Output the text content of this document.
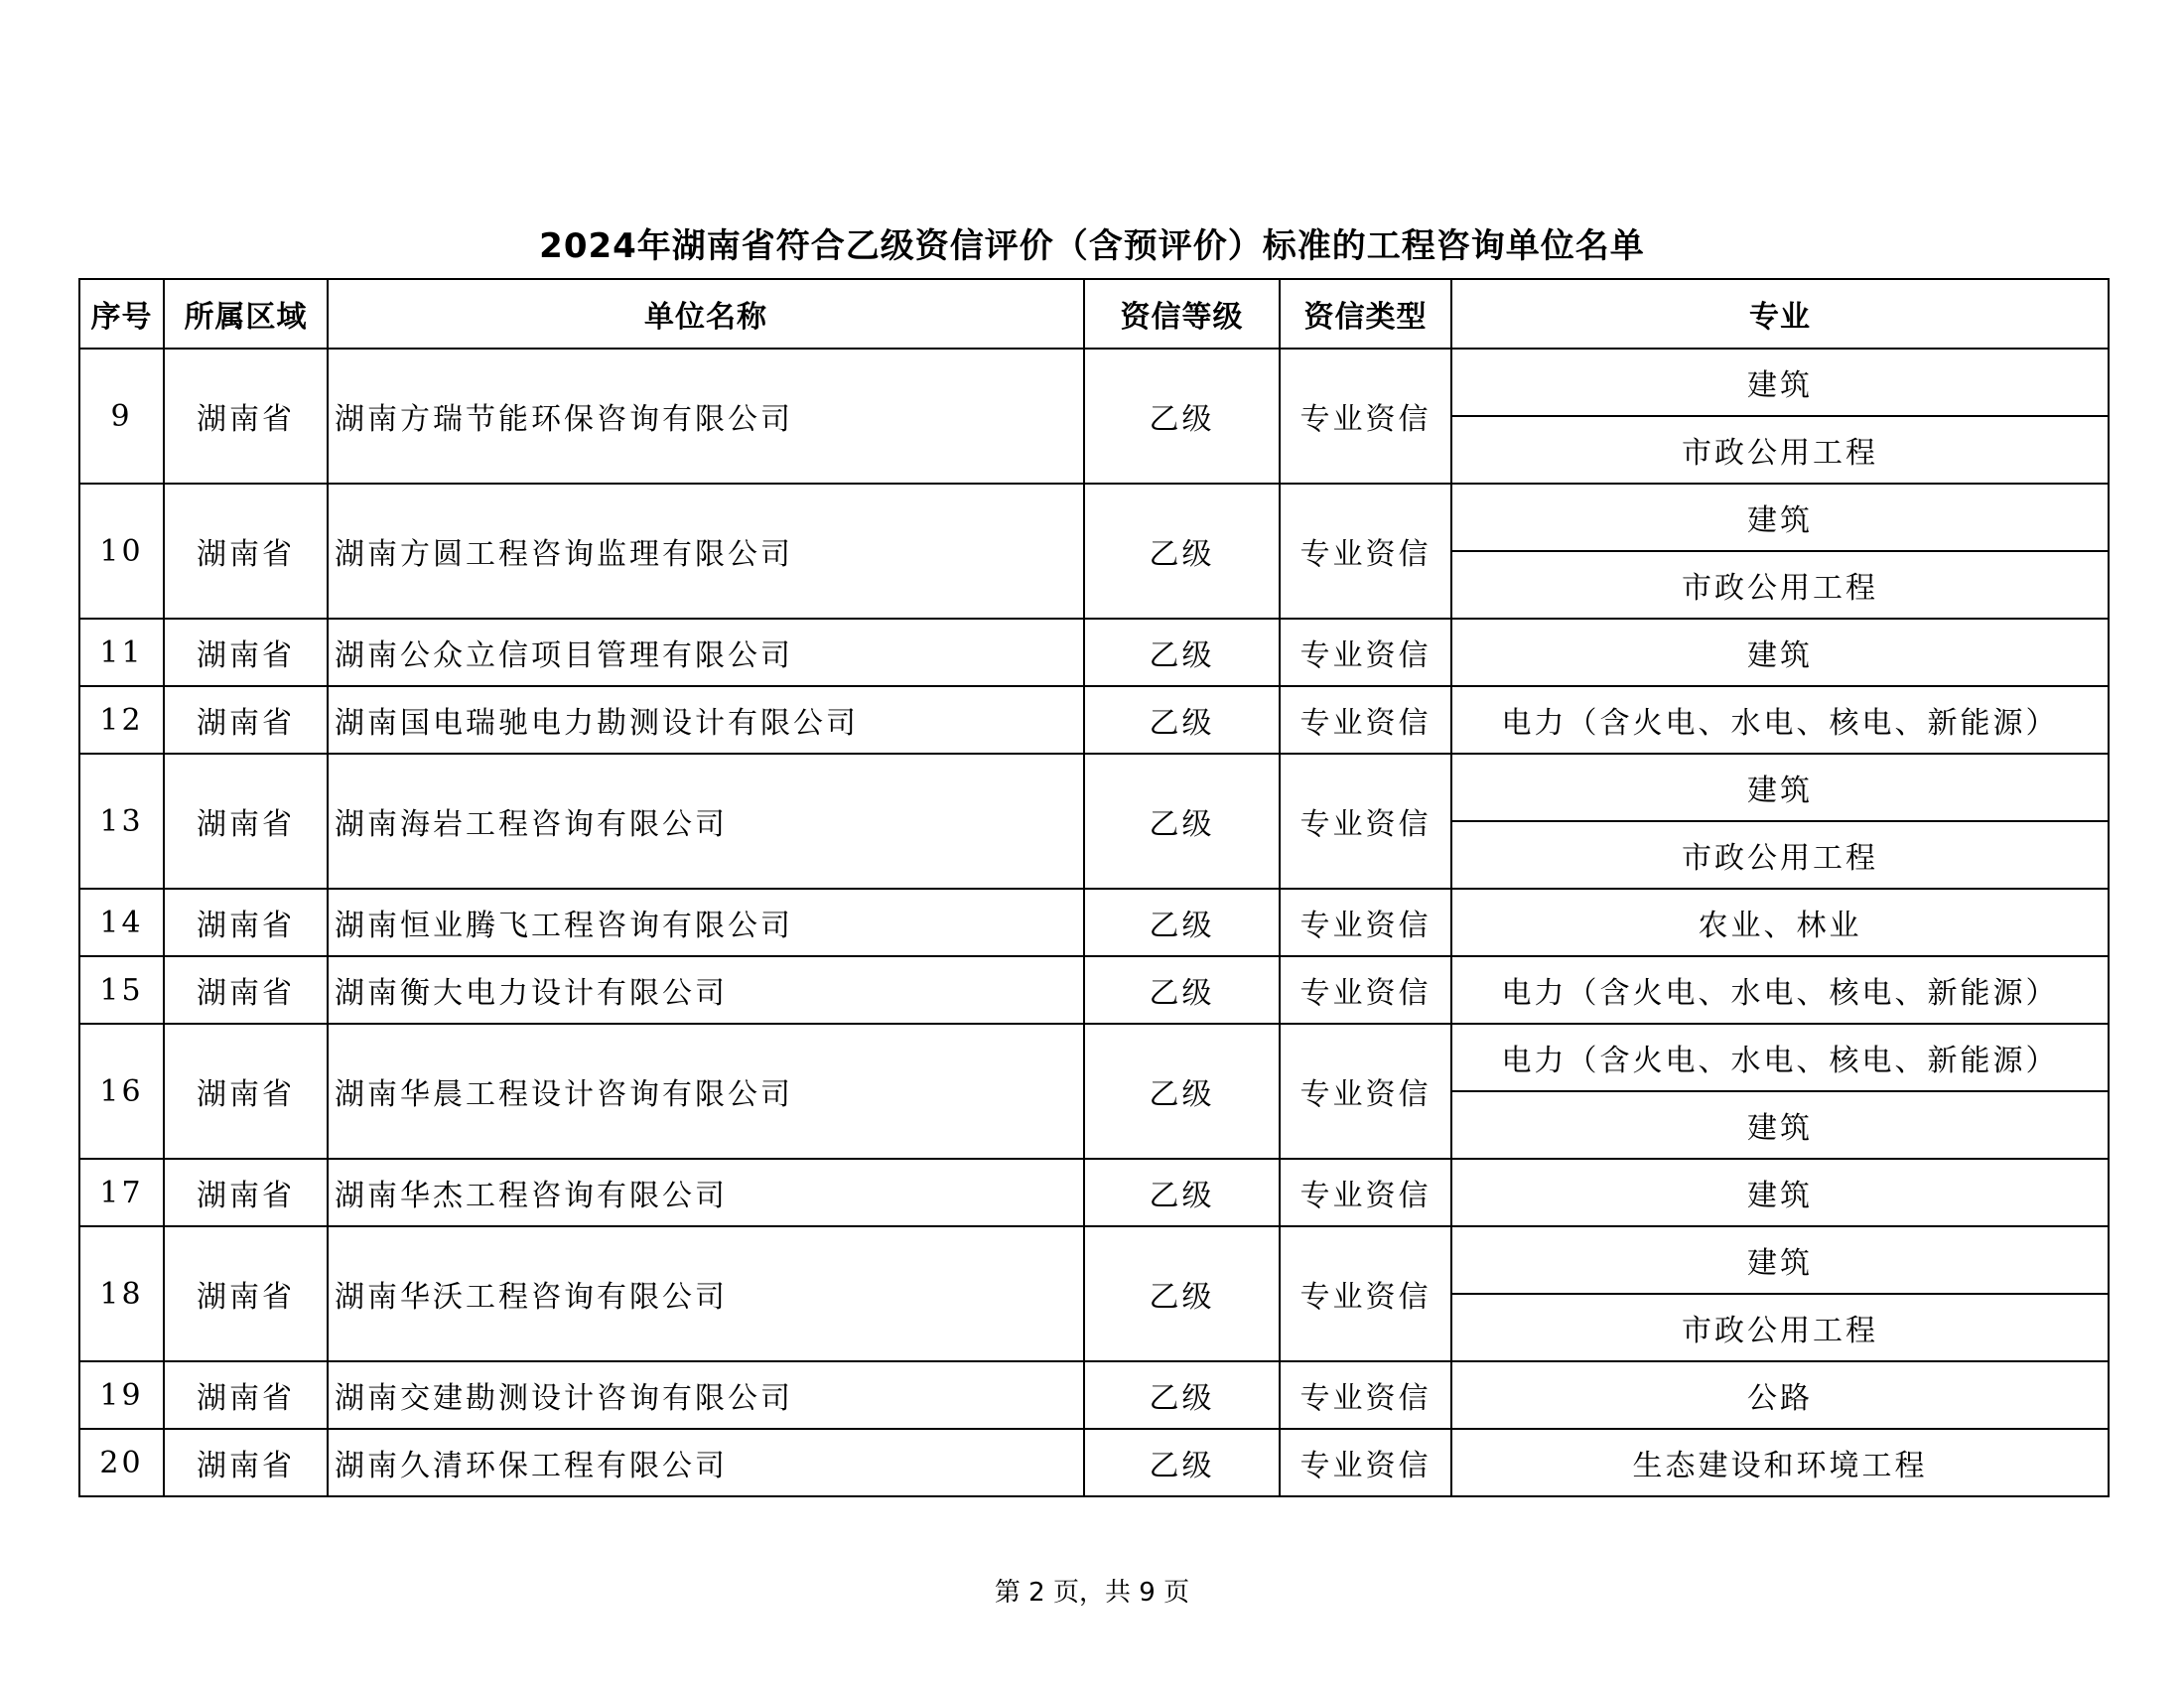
2024年湖南省符合乙级资信评价（含预评价）标准的工程咨询单位名单
序号	所属区域	单位名称	资信等级	资信类型	专业
9	湖南省	湖南方瑞节能环保咨询有限公司	乙级	专业资信	建筑
					市政公用工程
10	湖南省	湖南方圆工程咨询监理有限公司	乙级	专业资信	建筑
					市政公用工程
11	湖南省	湖南公众立信项目管理有限公司	乙级	专业资信	建筑
12	湖南省	湖南国电瑞驰电力勘测设计有限公司	乙级	专业资信	电力（含火电、水电、核电、新能源）
13	湖南省	湖南海岩工程咨询有限公司	乙级	专业资信	建筑
					市政公用工程
14	湖南省	湖南恒业腾飞工程咨询有限公司	乙级	专业资信	农业、林业
15	湖南省	湖南衡大电力设计有限公司	乙级	专业资信	电力（含火电、水电、核电、新能源）
16	湖南省	湖南华晨工程设计咨询有限公司	乙级	专业资信	电力（含火电、水电、核电、新能源）
					建筑
17	湖南省	湖南华杰工程咨询有限公司	乙级	专业资信	建筑
18	湖南省	湖南华沃工程咨询有限公司	乙级	专业资信	建筑
					市政公用工程
19	湖南省	湖南交建勘测设计咨询有限公司	乙级	专业资信	公路
20	湖南省	湖南久清环保工程有限公司	乙级	专业资信	生态建设和环境工程
第 2 页，共 9 页
